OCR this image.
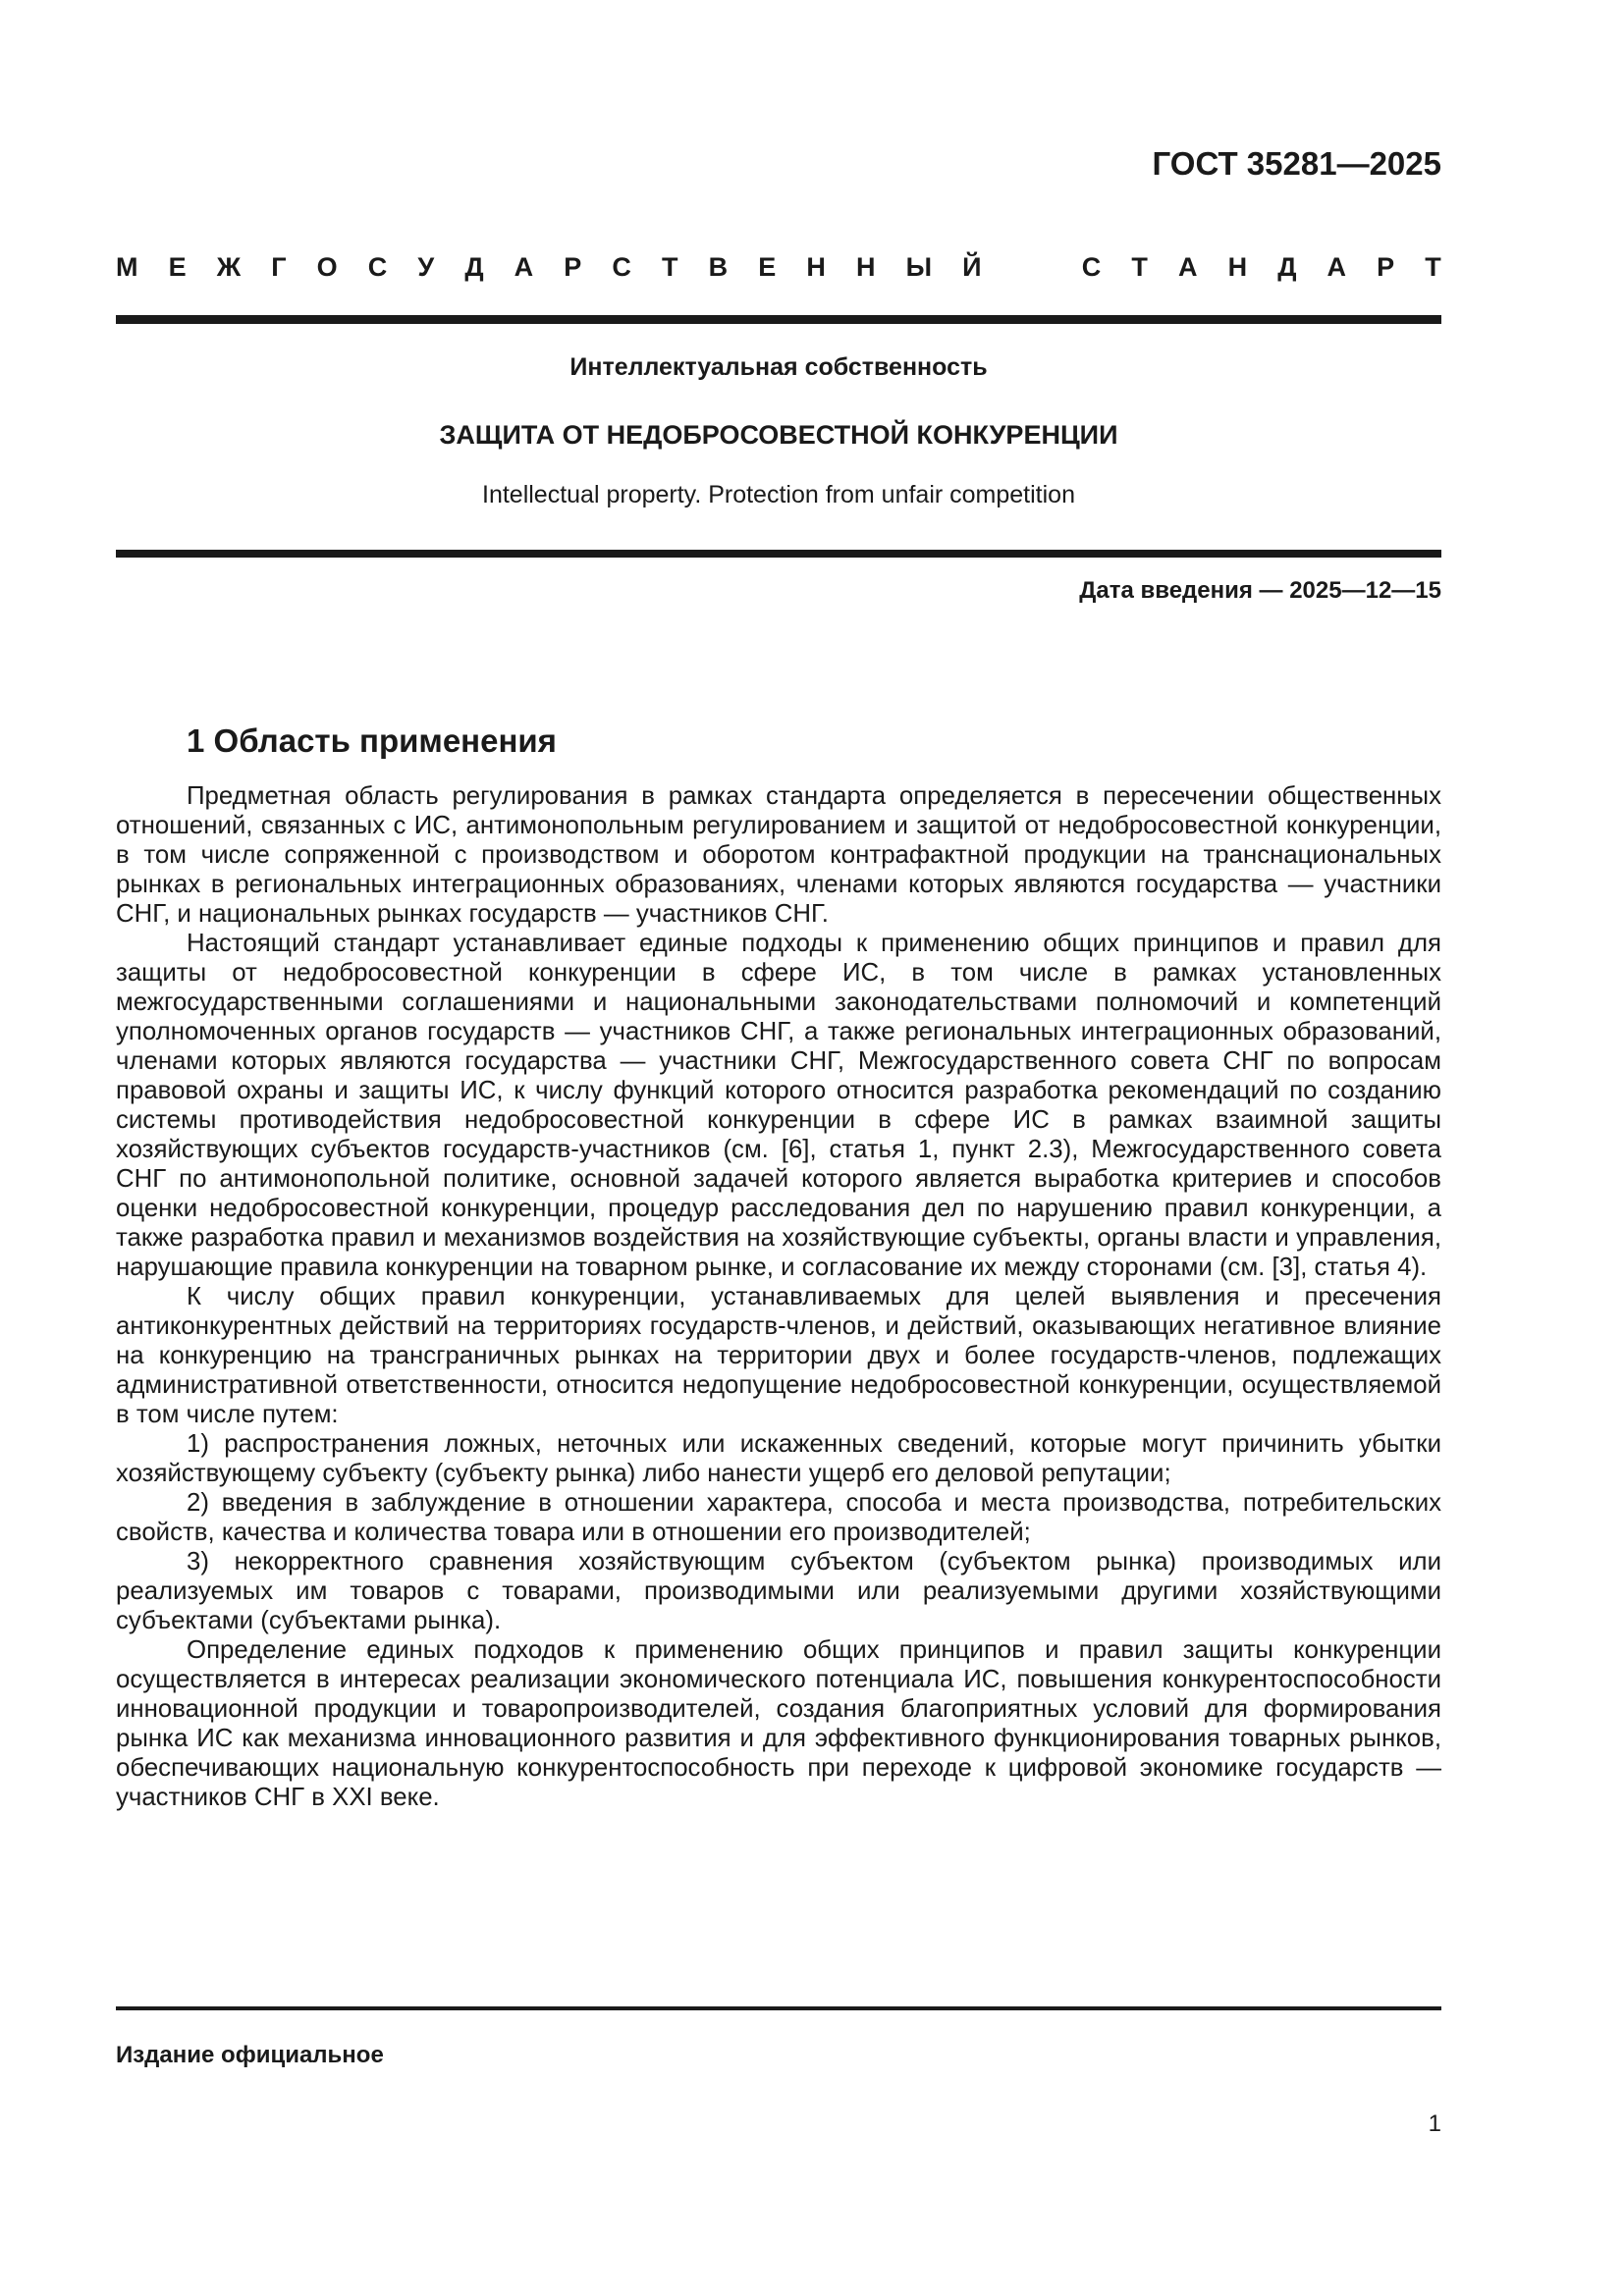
ГОСТ 35281—2025
М Е Ж Г О С У Д А Р С Т В Е Н Н Ы Й	С Т А Н Д А Р Т
Интеллектуальная собственность
ЗАЩИТА ОТ НЕДОБРОСОВЕСТНОЙ КОНКУРЕНЦИИ
Intellectual property. Protection from unfair competition
Дата введения — 2025—12—15
1 Область применения

Предметная область регулирования в рамках стандарта определяется в пересечении общественных отношений, связанных с ИС, антимонопольным регулированием и защитой от недобросовестной конкуренции, в том числе сопряженной с производством и оборотом контрафактной продукции на транснациональных рынках в региональных интеграционных образованиях, членами которых являются государства — участники СНГ, и национальных рынках государств — участников СНГ.

Настоящий стандарт устанавливает единые подходы к применению общих принципов и правил для защиты от недобросовестной конкуренции в сфере ИС, в том числе в рамках установленных межгосударственными соглашениями и национальными законодательствами полномочий и компетенций уполномоченных органов государств — участников СНГ, а также региональных интеграционных образований, членами которых являются государства — участники СНГ, Межгосударственного совета СНГ по вопросам правовой охраны и защиты ИС, к числу функций которого относится разработка рекомендаций по созданию системы противодействия недобросовестной конкуренции в сфере ИС в рамках взаимной защиты хозяйствующих субъектов государств-участников (см. [6], статья 1, пункт 2.3), Межгосударственного совета СНГ по антимонопольной политике, основной задачей которого является выработка критериев и способов оценки недобросовестной конкуренции, процедур расследования дел по нарушению правил конкуренции, а также разработка правил и механизмов воздействия на хозяйствующие субъекты, органы власти и управления, нарушающие правила конкуренции на товарном рынке, и согласование их между сторонами (см. [3], статья 4).

К числу общих правил конкуренции, устанавливаемых для целей выявления и пресечения антиконкурентных действий на территориях государств-членов, и действий, оказывающих негативное влияние на конкуренцию на трансграничных рынках на территории двух и более государств-членов, подлежащих административной ответственности, относится недопущение недобросовестной конкуренции, осуществляемой в том числе путем:

1) распространения ложных, неточных или искаженных сведений, которые могут причинить убытки хозяйствующему субъекту (субъекту рынка) либо нанести ущерб его деловой репутации;

2) введения в заблуждение в отношении характера, способа и места производства, потребительских свойств, качества и количества товара или в отношении его производителей;

3) некорректного сравнения хозяйствующим субъектом (субъектом рынка) производимых или реализуемых им товаров с товарами, производимыми или реализуемыми другими хозяйствующими субъектами (субъектами рынка).

Определение единых подходов к применению общих принципов и правил защиты конкуренции осуществляется в интересах реализации экономического потенциала ИС, повышения конкурентоспособности инновационной продукции и товаропроизводителей, создания благоприятных условий для формирования рынка ИС как механизма инновационного развития и для эффективного функционирования товарных рынков, обеспечивающих национальную конкурентоспособность при переходе к цифровой экономике государств — участников СНГ в XXI веке.

Издание официальное
1
